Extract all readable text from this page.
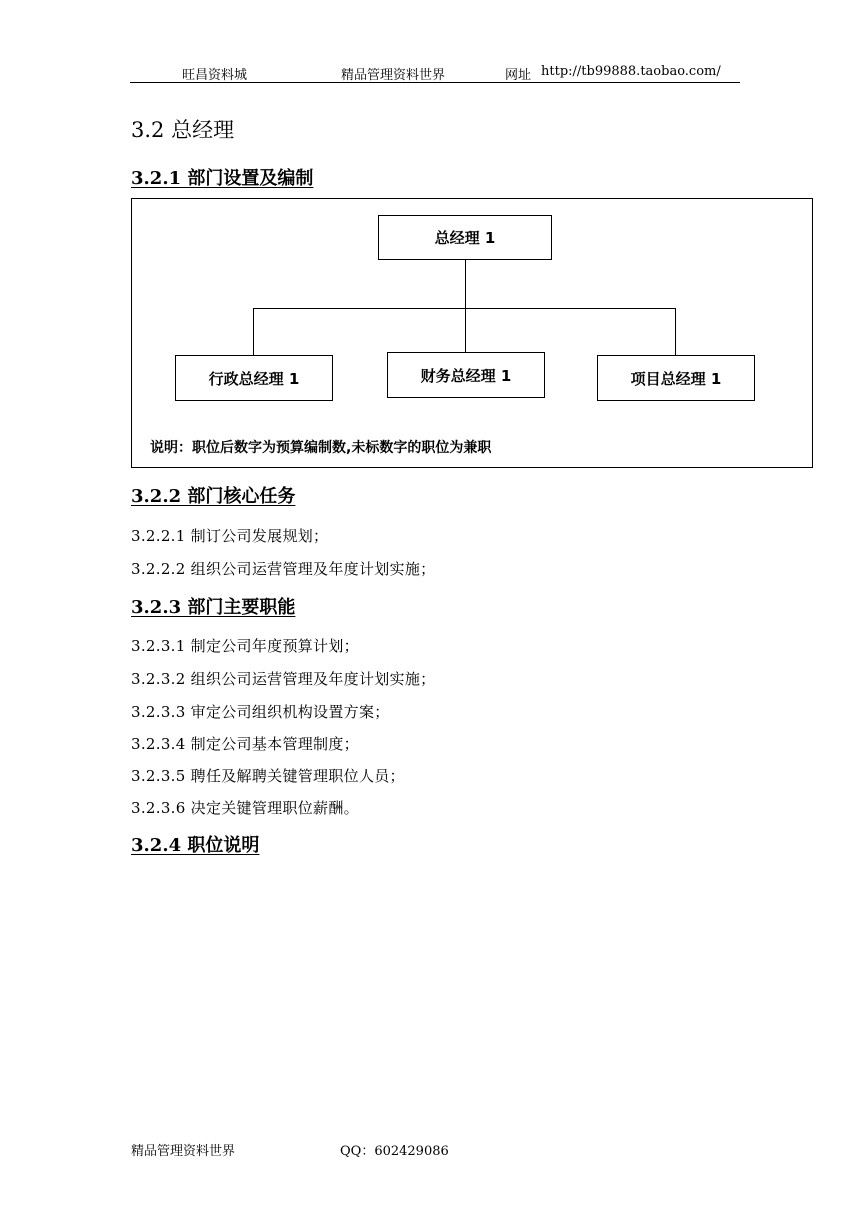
旺昌资料城	精品管理资料世界	网址 http://tb99888.taobao.com/
3.2 总经理
3.2.1 部门设置及编制
总经理 1
行政总经理 1	财务总经理 1	项目总经理 1
说明：职位后数字为预算编制数,未标数字的职位为兼职
3.2.2 部门核心任务
3.2.2.1 制订公司发展规划；
3.2.2.2 组织公司运营管理及年度计划实施；
3.2.3 部门主要职能
3.2.3.1 制定公司年度预算计划；
3.2.3.2 组织公司运营管理及年度计划实施；
3.2.3.3 审定公司组织机构设置方案；
3.2.3.4 制定公司基本管理制度；
3.2.3.5 聘任及解聘关键管理职位人员；
3.2.3.6 决定关键管理职位薪酬。
3.2.4 职位说明
精品管理资料世界	QQ：602429086
